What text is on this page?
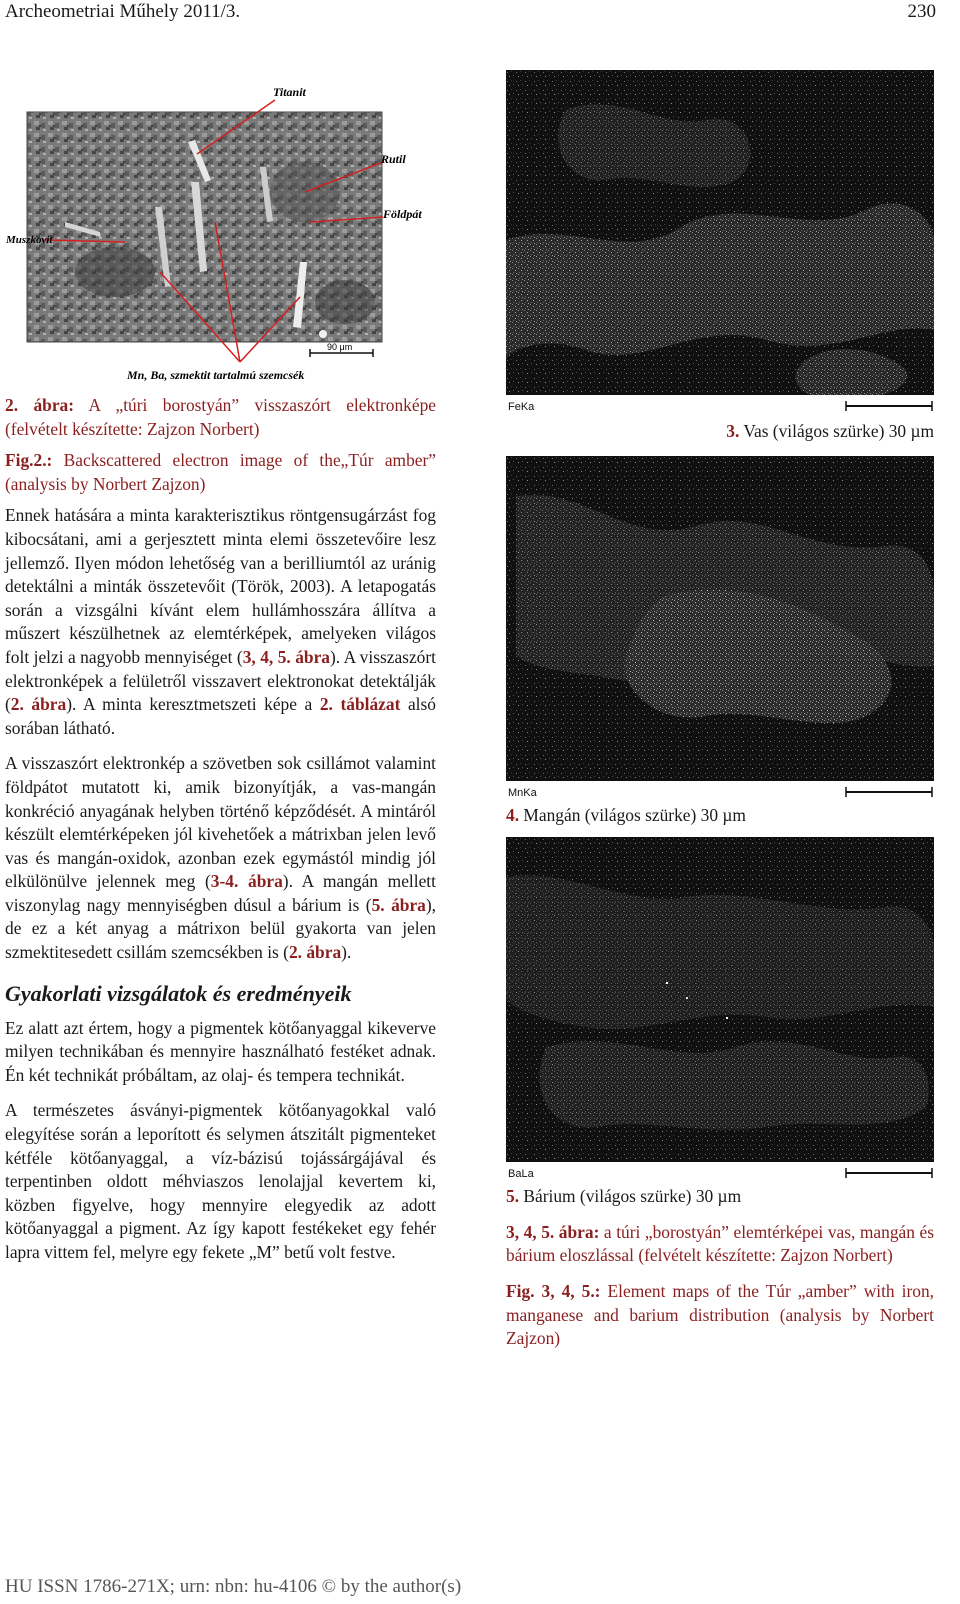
Archeometriai Műhely 2011/3.	230
Titanit
Rutil
Földpát
Muszkovit
Mn, Ba, szmektit tartalmú szemcsék
90 μm

2. ábra: A „túri borostyán” visszaszórt elektronképe (felvételt készítette: Zajzon Norbert)

Fig.2.: Backscattered electron image of the„Túr amber” (analysis by Norbert Zajzon)

Ennek hatására a minta karakterisztikus röntgensugárzást fog kibocsátani, ami a gerjesztett minta elemi összetevőire lesz jellemző. Ilyen módon lehetőség van a berilliumtól az uránig detektálni a minták összetevőit (Török, 2003). A letapogatás során a vizsgálni kívánt elem hullámhosszára állítva a műszert készülhetnek az elemtérképek, amelyeken világos folt jelzi a nagyobb mennyiséget (3, 4, 5. ábra). A visszaszórt elektronképek a felületről visszavert elektronokat detektálják (2. ábra). A minta keresztmetszeti képe a 2. táblázat alsó sorában látható.

A visszaszórt elektronkép a szövetben sok csillámot valamint földpátot mutatott ki, amik bizonyítják, a vas-mangán konkréció anyagának helyben történő képződését. A mintáról készült elemtérképeken jól kivehetőek a mátrixban jelen levő vas és mangán-oxidok, azonban ezek egymástól mindig jól elkülönülve jelennek meg (3-4. ábra). A mangán mellett viszonylag nagy mennyiségben dúsul a bárium is (5. ábra), de ez a két anyag a mátrixon belül gyakorta van jelen szmektitesedett csillám szemcsékben is (2. ábra).

Gyakorlati vizsgálatok és eredményeik

Ez alatt azt értem, hogy a pigmentek kötőanyaggal kikeverve milyen technikában és mennyire használható festéket adnak. Én két technikát próbáltam, az olaj- és tempera technikát.

A természetes ásványi-pigmentek kötőanyagokkal való elegyítése során a leporított és selymen átszitált pigmenteket kétféle kötőanyaggal, a víz-bázisú tojássárgájával és terpentinben oldott méhviaszos lenolajjal kevertem ki, közben figyelve, hogy mennyire elegyedik az adott kötőanyaggal a pigment. Az így kapott festékeket egy fehér lapra vittem fel, melyre egy fekete „M” betű volt festve.

FeKa
3. Vas (világos szürke) 30 µm
MnKa
4. Mangán (világos szürke) 30 µm
BaLa
5. Bárium (világos szürke) 30 µm

3, 4, 5. ábra: a túri „borostyán” elemtérképei vas, mangán és bárium eloszlással (felvételt készítette: Zajzon Norbert)

Fig. 3, 4, 5.: Element maps of the Túr „amber” with iron, manganese and barium distribution (analysis by Norbert Zajzon)

HU ISSN 1786-271X; urn: nbn: hu-4106 © by the author(s)
